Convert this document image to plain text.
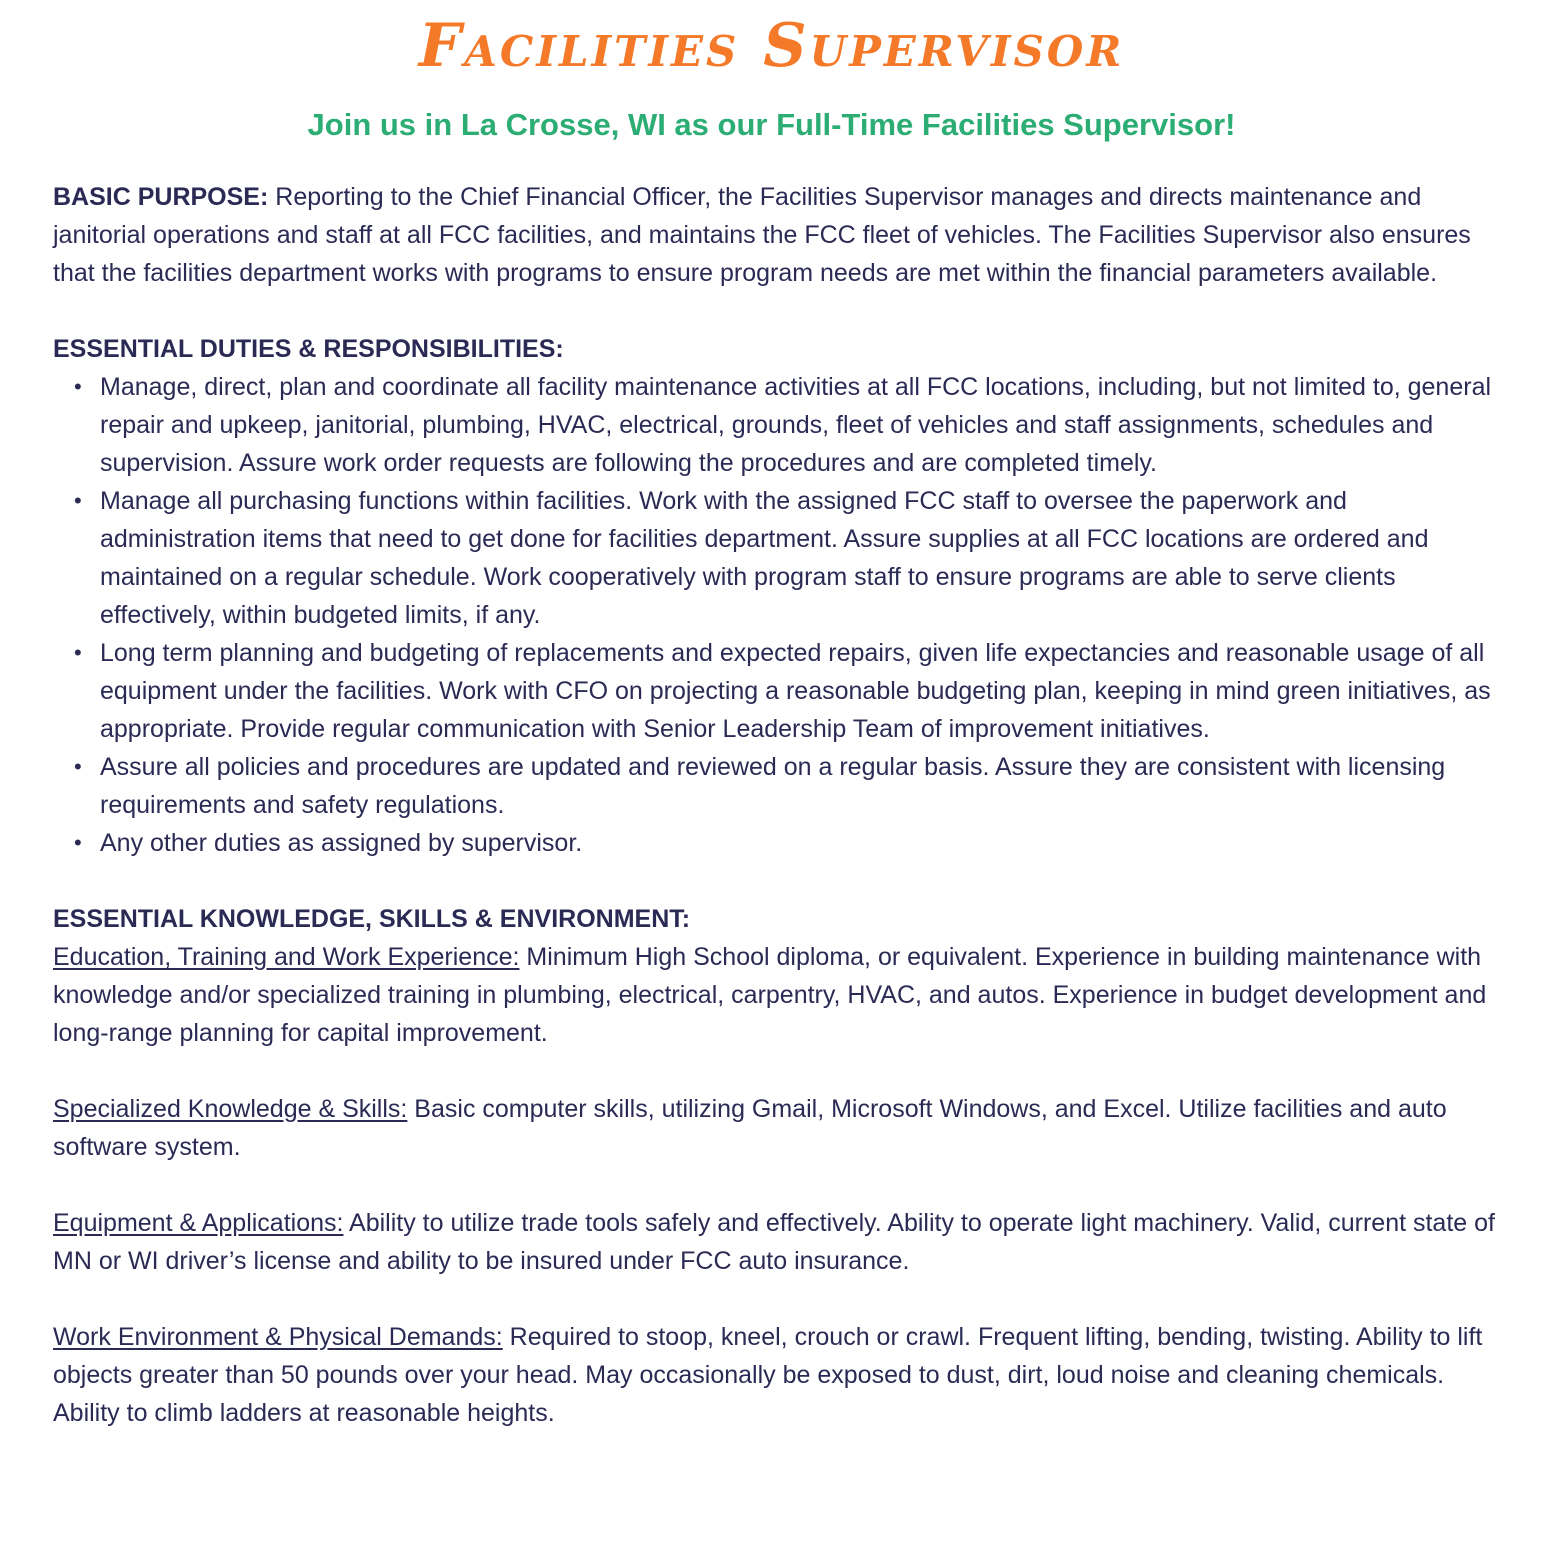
Facilities Supervisor
Join us in La Crosse, WI as our Full-Time Facilities Supervisor!

BASIC PURPOSE: Reporting to the Chief Financial Officer, the Facilities Supervisor manages and directs maintenance and janitorial operations and staff at all FCC facilities, and maintains the FCC fleet of vehicles. The Facilities Supervisor also ensures that the facilities department works with programs to ensure program needs are met within the financial parameters available.

ESSENTIAL DUTIES & RESPONSIBILITIES:

• Manage, direct, plan and coordinate all facility maintenance activities at all FCC locations, including, but not limited to, general repair and upkeep, janitorial, plumbing, HVAC, electrical, grounds, fleet of vehicles and staff assignments, schedules and supervision. Assure work order requests are following the procedures and are completed timely.
• Manage all purchasing functions within facilities. Work with the assigned FCC staff to oversee the paperwork and administration items that need to get done for facilities department. Assure supplies at all FCC locations are ordered and maintained on a regular schedule. Work cooperatively with program staff to ensure programs are able to serve clients effectively, within budgeted limits, if any.
• Long term planning and budgeting of replacements and expected repairs, given life expectancies and reasonable usage of all equipment under the facilities. Work with CFO on projecting a reasonable budgeting plan, keeping in mind green initiatives, as appropriate. Provide regular communication with Senior Leadership Team of improvement initiatives.
• Assure all policies and procedures are updated and reviewed on a regular basis. Assure they are consistent with licensing requirements and safety regulations.
• Any other duties as assigned by supervisor.

ESSENTIAL KNOWLEDGE, SKILLS & ENVIRONMENT:

Education, Training and Work Experience: Minimum High School diploma, or equivalent. Experience in building maintenance with knowledge and/or specialized training in plumbing, electrical, carpentry, HVAC, and autos. Experience in budget development and long-range planning for capital improvement.

Specialized Knowledge & Skills: Basic computer skills, utilizing Gmail, Microsoft Windows, and Excel. Utilize facilities and auto software system.

Equipment & Applications: Ability to utilize trade tools safely and effectively. Ability to operate light machinery. Valid, current state of MN or WI driver’s license and ability to be insured under FCC auto insurance.

Work Environment & Physical Demands: Required to stoop, kneel, crouch or crawl. Frequent lifting, bending, twisting. Ability to lift objects greater than 50 pounds over your head. May occasionally be exposed to dust, dirt, loud noise and cleaning chemicals. Ability to climb ladders at reasonable heights.
